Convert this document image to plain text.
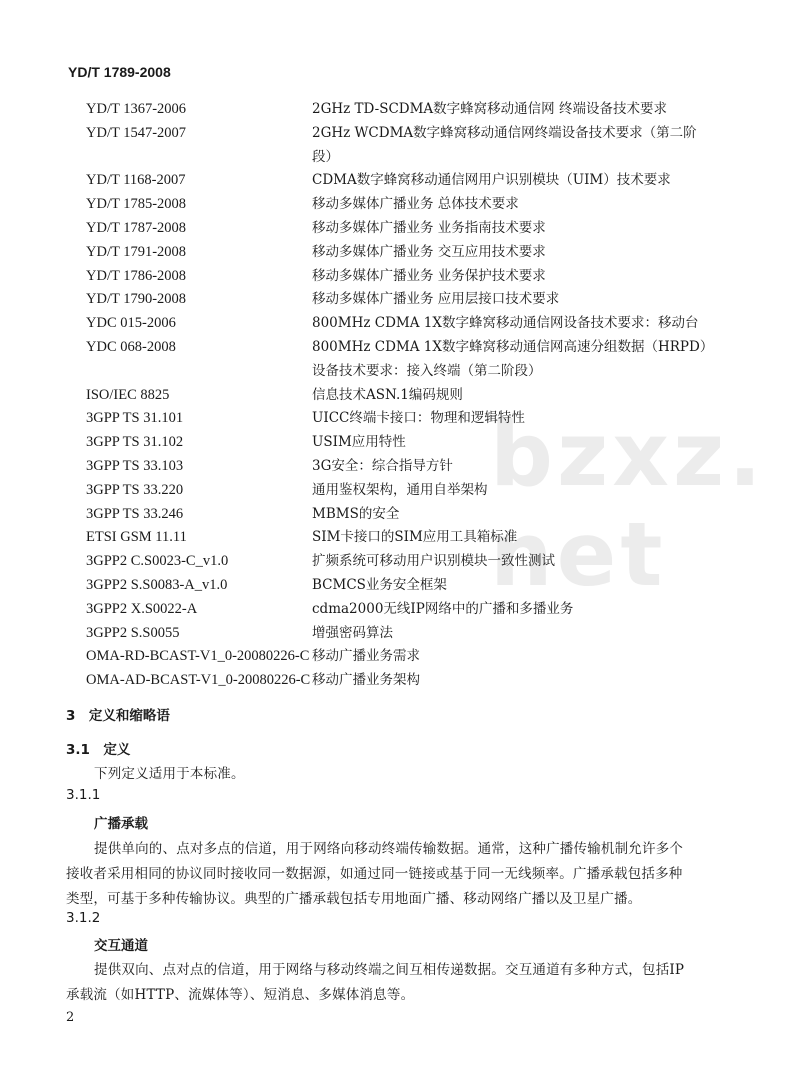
bzxz.net
YD/T 1789-2008
YD/T 1367-2006	2GHz TD-SCDMA数字蜂窝移动通信网 终端设备技术要求
YD/T 1547-2007	2GHz WCDMA数字蜂窝移动通信网终端设备技术要求（第二阶
段）
YD/T 1168-2007	CDMA数字蜂窝移动通信网用户识别模块（UIM）技术要求
YD/T 1785-2008	移动多媒体广播业务 总体技术要求
YD/T 1787-2008	移动多媒体广播业务 业务指南技术要求
YD/T 1791-2008	移动多媒体广播业务 交互应用技术要求
YD/T 1786-2008	移动多媒体广播业务 业务保护技术要求
YD/T 1790-2008	移动多媒体广播业务 应用层接口技术要求
YDC 015-2006	800MHz CDMA 1X数字蜂窝移动通信网设备技术要求：移动台
YDC 068-2008	800MHz CDMA 1X数字蜂窝移动通信网高速分组数据（HRPD）
设备技术要求：接入终端（第二阶段）
ISO/IEC 8825	信息技术ASN.1编码规则
3GPP TS 31.101	UICC终端卡接口：物理和逻辑特性
3GPP TS 31.102	USIM应用特性
3GPP TS 33.103	3G安全：综合指导方针
3GPP TS 33.220	通用鉴权架构，通用自举架构
3GPP TS 33.246	MBMS的安全
ETSI GSM 11.11	SIM卡接口的SIM应用工具箱标准
3GPP2 C.S0023-C_v1.0	扩频系统可移动用户识别模块一致性测试
3GPP2 S.S0083-A_v1.0	BCMCS业务安全框架
3GPP2 X.S0022-A	cdma2000无线IP网络中的广播和多播业务
3GPP2 S.S0055	增强密码算法
OMA-RD-BCAST-V1_0-20080226-C 移动广播业务需求
OMA-AD-BCAST-V1_0-20080226-C 移动广播业务架构
3　定义和缩略语
3.1　定义
下列定义适用于本标准。
3.1.1
广播承载
提供单向的、点对多点的信道，用于网络向移动终端传输数据。通常，这种广播传输机制允许多个
接收者采用相同的协议同时接收同一数据源，如通过同一链接或基于同一无线频率。广播承载包括多种
类型，可基于多种传输协议。典型的广播承载包括专用地面广播、移动网络广播以及卫星广播。
3.1.2
交互通道
提供双向、点对点的信道，用于网络与移动终端之间互相传递数据。交互通道有多种方式，包括IP
承载流（如HTTP、流媒体等）、短消息、多媒体消息等。
2
